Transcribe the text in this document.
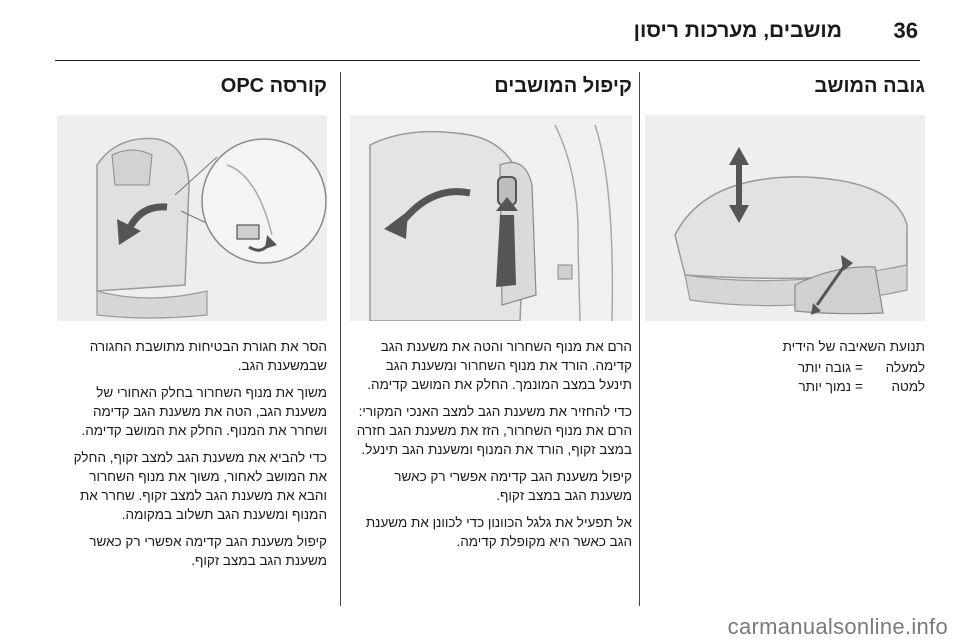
36
מושבים, מערכות ריסון
גובה המושב

תנועת השאיבה של הידית

למעלה
=
גובה יותר
למטה
=
נמוך יותר
קיפול המושבים

הרם את מנוף השחרור והטה את משענת הגב קדימה. הורד את מנוף השחרור ומשענת הגב תינעל במצב המונמך. החלק את המושב קדימה.

כדי להחזיר את משענת הגב למצב האנכי המקורי: הרם את מנוף השחרור, הזז את משענת הגב חזרה במצב זקוף, הורד את המנוף ומשענת הגב תינעל.

קיפול משענת הגב קדימה אפשרי רק כאשר משענת הגב במצב זקוף.

אל תפעיל את גלגל הכוונון כדי לכוונן את משענת הגב כאשר היא מקופלת קדימה.

קורסה OPC

הסר את חגורת הבטיחות מתושבת החגורה שבמשענת הגב.

משוך את מנוף השחרור בחלק האחורי של משענת הגב, הטה את משענת הגב קדימה ושחרר את המנוף. החלק את המושב קדימה.

כדי להביא את משענת הגב למצב זקוף, החלק את המושב לאחור, משוך את מנוף השחרור והבא את משענת הגב למצב זקוף. שחרר את המנוף ומשענת הגב תשלוב במקומה.

קיפול משענת הגב קדימה אפשרי רק כאשר משענת הגב במצב זקוף.

carmanualsonline.info
